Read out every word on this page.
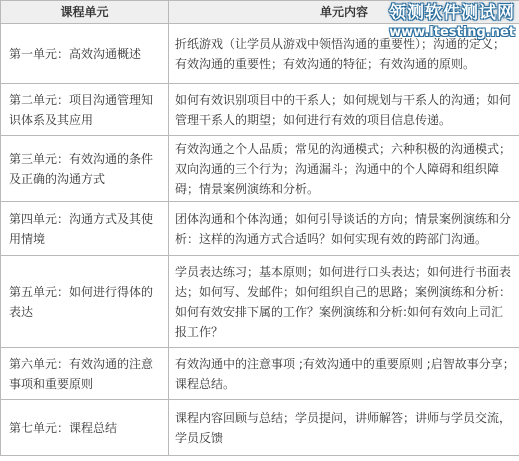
课程单元	单元内容
第一单元：高效沟通概述	折纸游戏（让学员从游戏中领悟沟通的重要性）；沟通的定义；有效沟通的重要性；有效沟通的特征；有效沟通的原则。
第二单元：项目沟通管理知识体系及其应用	如何有效识别项目中的干系人；如何规划与干系人的沟通；如何管理干系人的期望；如何进行有效的项目信息传递。
第三单元：有效沟通的条件及正确的沟通方式	有效沟通之个人品质；常见的沟通模式；六种积极的沟通模式；双向沟通的三个行为；沟通漏斗；沟通中的个人障碍和组织障碍；情景案例演练和分析。
第四单元：沟通方式及其使用情境	团体沟通和个体沟通；如何引导谈话的方向；情景案例演练和分析：这样的沟通方式合适吗？如何实现有效的跨部门沟通。
第五单元：如何进行得体的表达	学员表达练习；基本原则；如何进行口头表达；如何进行书面表达；如何写、发邮件；如何组织自己的思路；案例演练和分析：如何有效安排下属的工作？案例演练和分析:如何有效向上司汇报工作？
第六单元：有效沟通的注意事项和重要原则	有效沟通中的注意事项 ;有效沟通中的重要原则 ;启智故事分享；课程总结。
第七单元：课程总结	课程内容回顾与总结；学员提问，讲师解答；讲师与学员交流，学员反馈
领测软件测试网
www.ltesting.net
